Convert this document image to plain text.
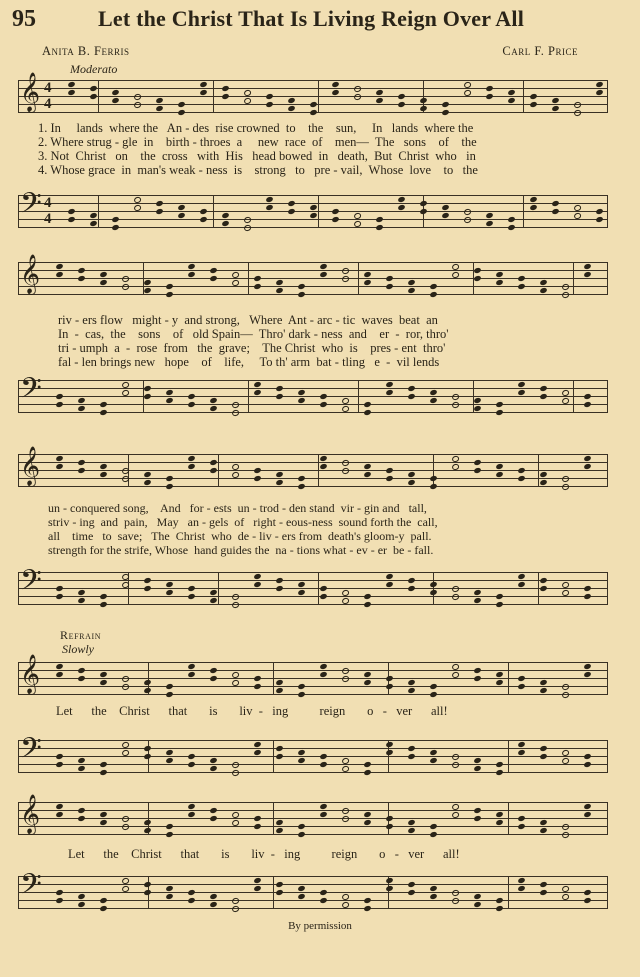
95	Let the Christ That Is Living Reign Over All
Anita B. Ferris	Carl F. Price
Moderato
𝄞 4
4
𝄢 4
4
𝄞
𝄢
𝄞
𝄢
𝄞
𝄢
𝄞
𝄢
1. In     lands  where the   An - des  rise crowned  to    the    sun,     In   lands  where the
2. Where strug - gle  in    birth - throes  a     new  race  of    men—  The   sons    of    the
3. Not  Christ   on    the  cross   with  His   head bowed  in   death,  But  Christ  who   in
4. Whose grace  in  man's weak - ness  is    strong   to   pre - vail,  Whose  love    to   the
riv - ers flow   might - y  and strong,   Where  Ant - arc - tic  waves  beat  an
In  -  cas,  the    sons    of   old Spain—  Thro' dark - ness  and    er  -  ror, thro'
tri - umph  a  -  rose  from   the  grave;    The Christ  who  is    pres - ent  thro'
fal - len brings new   hope    of    life,     To th' arm  bat - tling   e  -  vil lends
un - conquered song,    And   for - ests  un - trod - den stand  vir - gin and   tall,
striv - ing  and  pain,   May   an - gels  of   right - eous-ness  sound forth the  call,
all    time   to  save;   The  Christ  who  de - liv - ers from  death's gloom-y  pall.
strength for the strife, Whose  hand guides the  na - tions what - ev - er  be - fall.
Refrain
Slowly
Let      the    Christ      that       is       liv  -   ing          reign       o   -   ver      all!
Let      the    Christ      that       is       liv  -   ing          reign       o   -   ver      all!
By permission
